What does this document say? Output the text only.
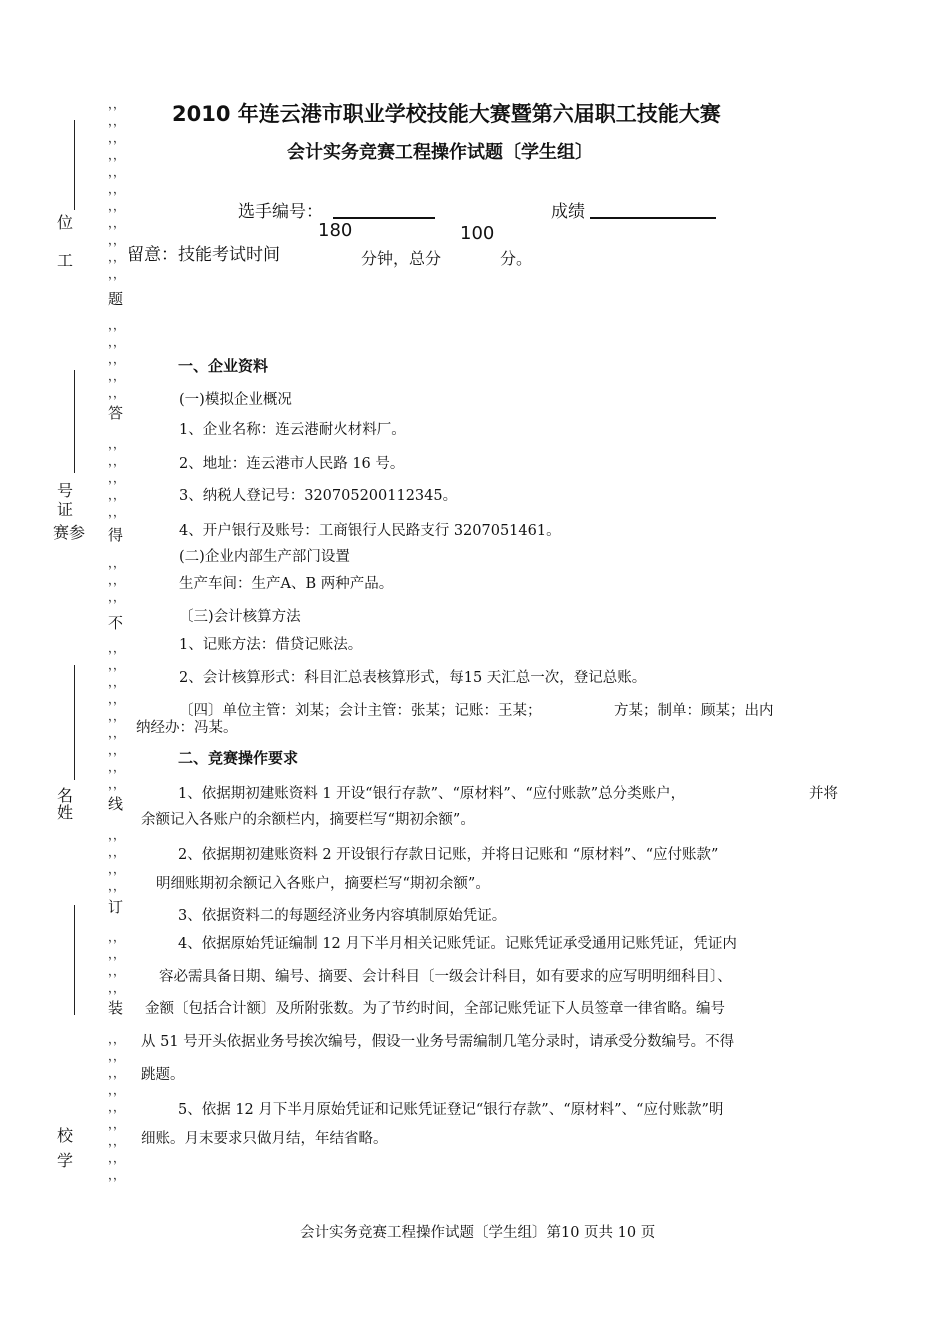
位
工
号
证
赛参
名
姓
校
学
，，
，，
，，
，，
，，
，，
，，
，，
，，
，，
，，
，，
，，
，，
，，
，，
，，
，，
，，
，，
，，
，，
，，
，，
，，
，，
，，
，，
，，
，，
，，
，，
，，
，，
，，
，，
，，
，，
，，
，，
，，
，，
，，
，，
，，
，，
，，
，，
，，
，，
题
答
得
不
线
订
装
2010 年连云港市职业学校技能大赛暨第六届职工技能大赛
会计实务竞赛工程操作试题〔学生组〕
选手编号：	成绩
留意：技能考试时间
180
分钟，总分
100
分。
一、企业资料
(一)模拟企业概况
1、企业名称：连云港耐火材料厂。
2、地址：连云港市人民路 16 号。
3、纳税人登记号：320705200112345。
4、开户银行及账号：工商银行人民路支行 3207051461。
(二)企业内部生产部门设置
生产车间：生产A、B 两种产品。
〔三)会计核算方法
1、记账方法：借贷记账法。
2、会计核算形式：科目汇总表核算形式，每15 天汇总一次，登记总账。
〔四〕单位主管：刘某；会计主管：张某；记账：王某；	方某；制单：顾某；出内
纳经办：冯某。
二、竞赛操作要求
1、依据期初建账资料 1 开设“银行存款”、“原材料”、“应付账款”总分类账户，	并将
余额记入各账户的余额栏内，摘要栏写“期初余额”。
2、依据期初建账资料 2 开设银行存款日记账，并将日记账和 “原材料”、“应付账款”
明细账期初余额记入各账户，摘要栏写“期初余额”。
3、依据资料二的每题经济业务内容填制原始凭证。
4、依据原始凭证编制 12 月下半月相关记账凭证。记账凭证承受通用记账凭证，凭证内
容必需具备日期、编号、摘要、会计科目〔一级会计科目，如有要求的应写明明细科目〕、
金额〔包括合计额〕及所附张数。为了节约时间，全部记账凭证下人员签章一律省略。编号
从 51 号开头依据业务号挨次编号，假设一业务号需编制几笔分录时，请承受分数编号。不得
跳题。
5、依据 12 月下半月原始凭证和记账凭证登记“银行存款”、“原材料”、“应付账款”明
细账。月末要求只做月结，年结省略。
会计实务竞赛工程操作试题〔学生组〕第10 页共 10 页
